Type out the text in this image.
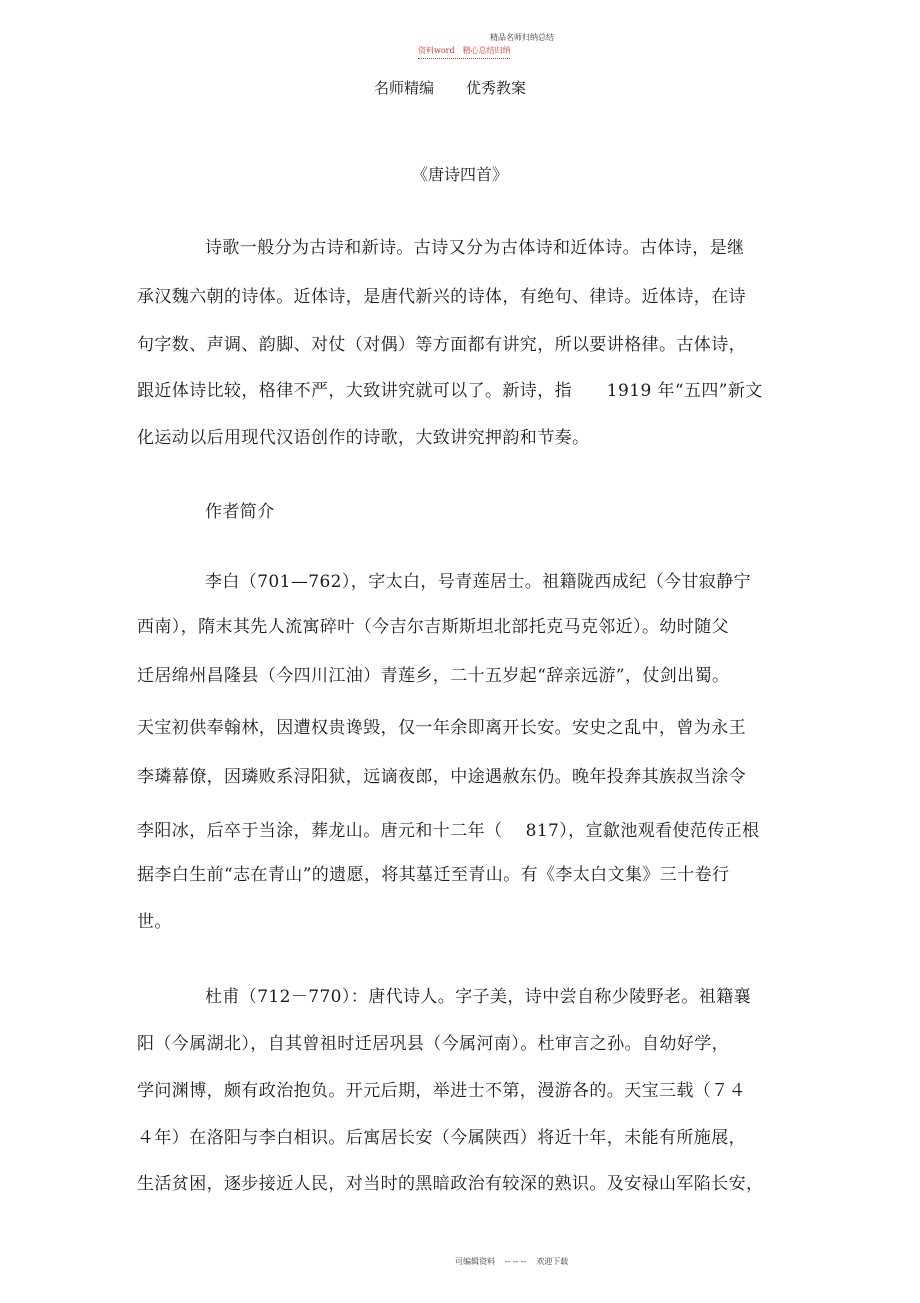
精品名师归纳总结
资料word 精心总结归纳
名师精编 优秀教案
《唐诗四首》
诗歌一般分为古诗和新诗。古诗又分为古体诗和近体诗。古体诗，是继
承汉魏六朝的诗体。近体诗，是唐代新兴的诗体，有绝句、律诗。近体诗，在诗
句字数、声调、韵脚、对仗（对偶）等方面都有讲究，所以要讲格律。古体诗，
跟近体诗比较，格律不严，大致讲究就可以了。新诗，指　　1919 年“五四”新文
化运动以后用现代汉语创作的诗歌，大致讲究押韵和节奏。
作者简介
李白（701—762），字太白，号青莲居士。祖籍陇西成纪（今甘寂静宁
西南），隋末其先人流寓碎叶（今吉尔吉斯斯坦北部托克马克邻近）。幼时随父
迁居绵州昌隆县（今四川江油）青莲乡，二十五岁起“辞亲远游”，仗剑出蜀。
天宝初供奉翰林，因遭权贵谗毁，仅一年余即离开长安。安史之乱中，曾为永王
李璘幕僚，因璘败系浔阳狱，远谪夜郎，中途遇赦东仍。晚年投奔其族叔当涂令
李阳冰，后卒于当涂，葬龙山。唐元和十二年（　 817），宣歙池观看使范传正根
据李白生前“志在青山”的遗愿，将其墓迁至青山。有《李太白文集》三十卷行
世。
杜甫（712－770）：唐代诗人。字子美，诗中尝自称少陵野老。祖籍襄
阳（今属湖北），自其曾祖时迁居巩县（今属河南）。杜审言之孙。自幼好学，
学问渊博，颇有政治抱负。开元后期，举进士不第，漫游各的。天宝三载（７４
４年）在洛阳与李白相识。后寓居长安（今属陕西）将近十年，未能有所施展，
生活贫困，逐步接近人民，对当时的黑暗政治有较深的熟识。及安禄山军陷长安，
可编辑资料 -- -- -- 欢迎下载
